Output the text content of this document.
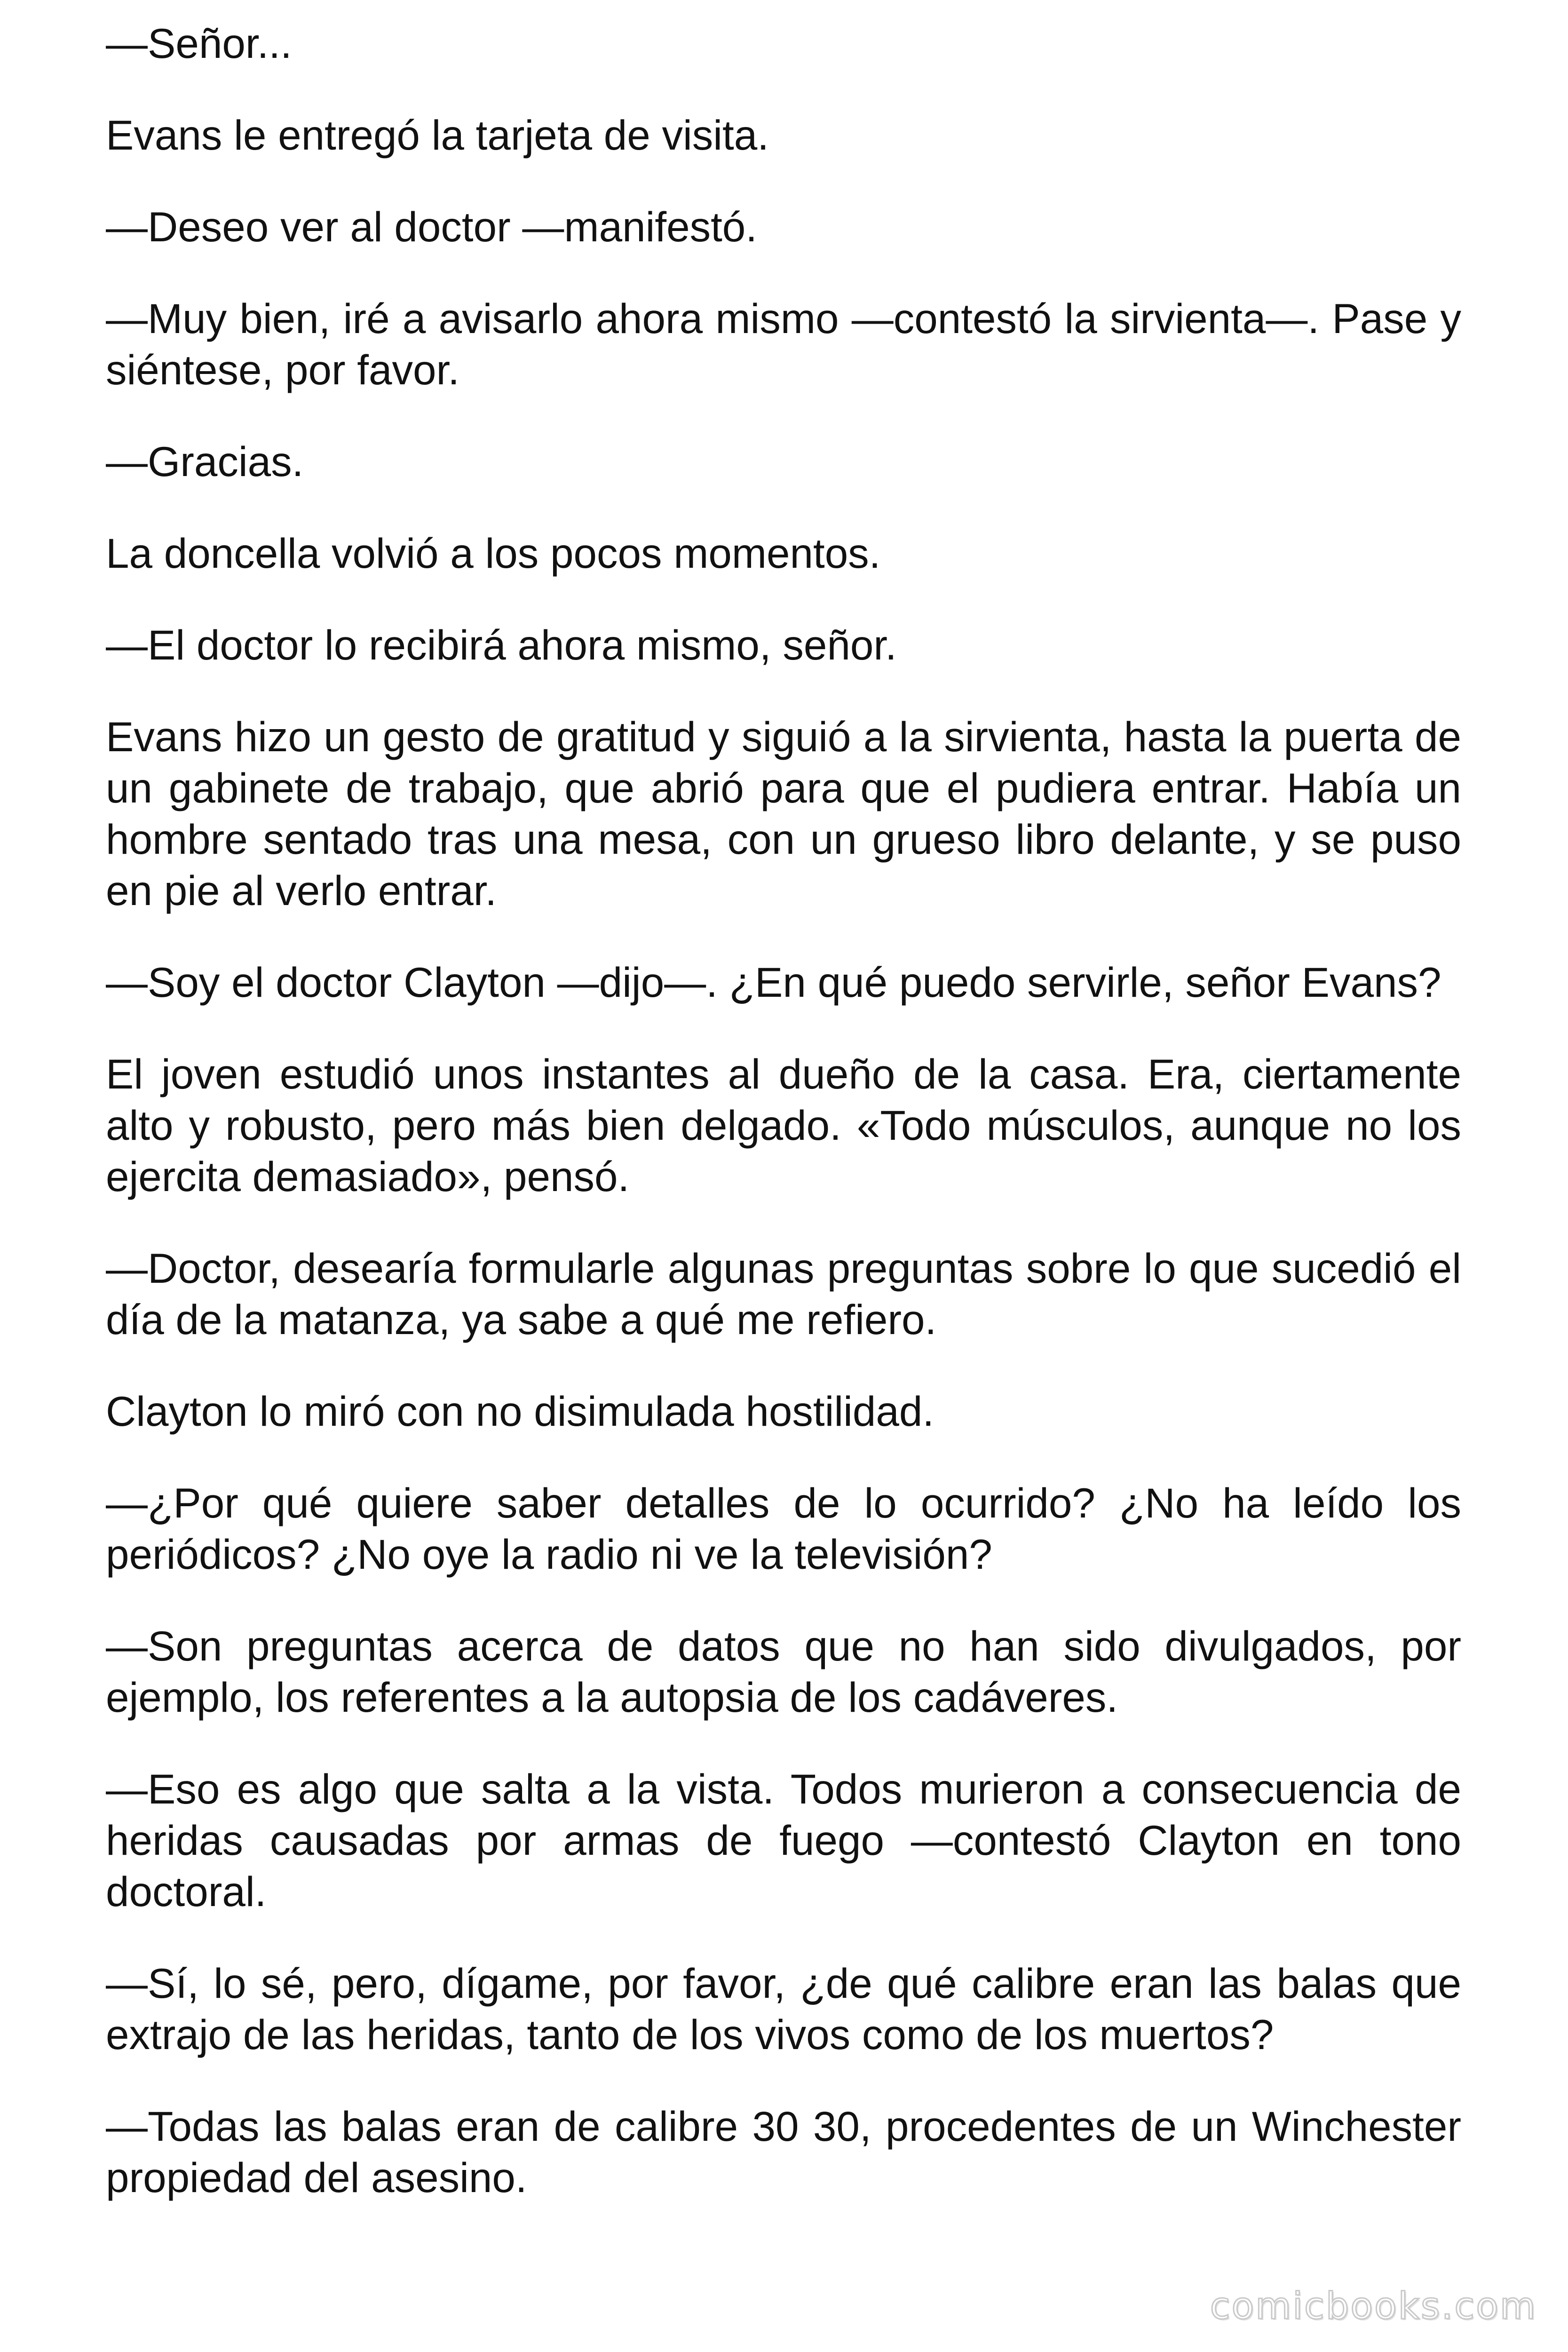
—Señor...

Evans le entregó la tarjeta de visita.

—Deseo ver al doctor —manifestó.

—Muy bien, iré a avisarlo ahora mismo —contestó la sirvienta—. Pase y siéntese, por favor.

—Gracias.

La doncella volvió a los pocos momentos.

—El doctor lo recibirá ahora mismo, señor.

Evans hizo un gesto de gratitud y siguió a la sirvienta, hasta la puerta de un gabinete de trabajo, que abrió para que el pudiera entrar. Había un hombre sentado tras una mesa, con un grueso libro delante, y se puso en pie al verlo entrar.

—Soy el doctor Clayton —dijo—. ¿En qué puedo servirle, señor Evans?

El joven estudió unos instantes al dueño de la casa. Era, ciertamente alto y robusto, pero más bien delgado. «Todo músculos, aunque no los ejercita demasiado», pensó.

—Doctor, desearía formularle algunas preguntas sobre lo que sucedió el día de la matanza, ya sabe a qué me refiero.

Clayton lo miró con no disimulada hostilidad.

—¿Por qué quiere saber detalles de lo ocurrido? ¿No ha leído los periódicos? ¿No oye la radio ni ve la televisión?

—Son preguntas acerca de datos que no han sido divulgados, por ejemplo, los referentes a la autopsia de los cadáveres.

—Eso es algo que salta a la vista. Todos murieron a consecuencia de heridas causadas por armas de fuego —contestó Clayton en tono doctoral.

—Sí, lo sé, pero, dígame, por favor, ¿de qué calibre eran las balas que extrajo de las heridas, tanto de los vivos como de los muertos?

—Todas las balas eran de calibre 30 30, procedentes de un Winchester propiedad del asesino.

comicbooks.com
